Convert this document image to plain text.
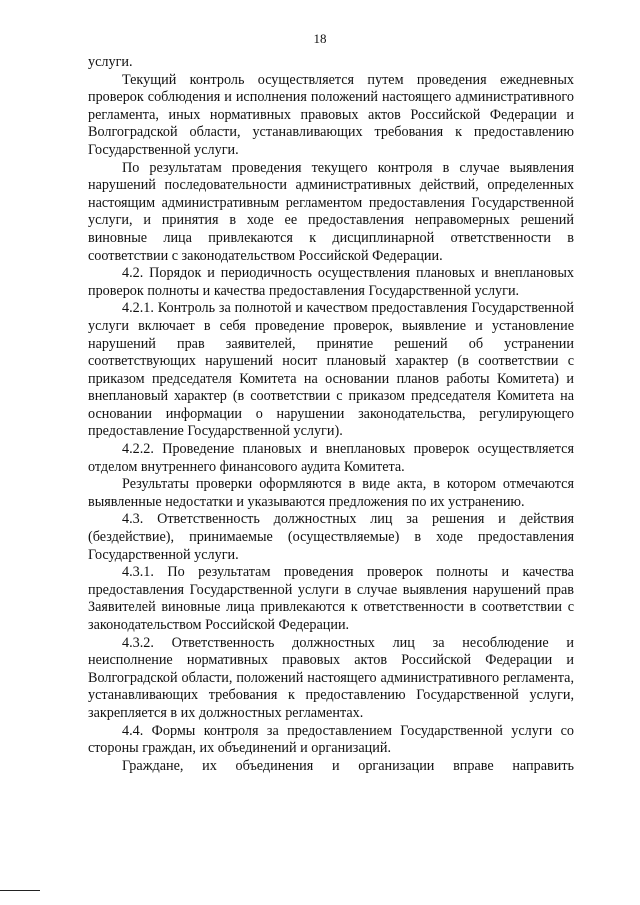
18

услуги.

Текущий контроль осуществляется путем проведения ежедневных проверок соблюдения и исполнения положений настоящего административного регламента, иных нормативных правовых актов Российской Федерации и Волгоградской области, устанавливающих требования к предоставлению Государственной услуги.

По результатам проведения текущего контроля в случае выявления нарушений последовательности административных действий, определенных настоящим административным регламентом предоставления Государственной услуги, и принятия в ходе ее предоставления неправомерных решений виновные лица привлекаются к дисциплинарной ответственности в соответствии с законодательством Российской Федерации.

4.2. Порядок и периодичность осуществления плановых и внеплановых проверок полноты и качества предоставления Государственной услуги.

4.2.1. Контроль за полнотой и качеством предоставления Государственной услуги включает в себя проведение проверок, выявление и установление нарушений прав заявителей, принятие решений об устранении соответствующих нарушений носит плановый характер (в соответствии с приказом председателя Комитета на основании планов работы Комитета) и внеплановый характер (в соответствии с приказом председателя Комитета на основании информации о нарушении законодательства, регулирующего предоставление Государственной услуги).

4.2.2. Проведение плановых и внеплановых проверок осуществляется отделом внутреннего финансового аудита Комитета.

Результаты проверки оформляются в виде акта, в котором отмечаются выявленные недостатки и указываются предложения по их устранению.

4.3. Ответственность должностных лиц за решения и действия (бездействие), принимаемые (осуществляемые) в ходе предоставления Государственной услуги.

4.3.1. По результатам проведения проверок полноты и качества предоставления Государственной услуги в случае выявления нарушений прав Заявителей виновные лица привлекаются к ответственности в соответствии с законодательством Российской Федерации.

4.3.2. Ответственность должностных лиц за несоблюдение и неисполнение нормативных правовых актов Российской Федерации и Волгоградской области, положений настоящего административного регламента, устанавливающих требования к предоставлению Государственной услуги, закрепляется в их должностных регламентах.

4.4. Формы контроля за предоставлением Государственной услуги со стороны граждан, их объединений и организаций.

Граждане, их объединения и организации вправе направить
